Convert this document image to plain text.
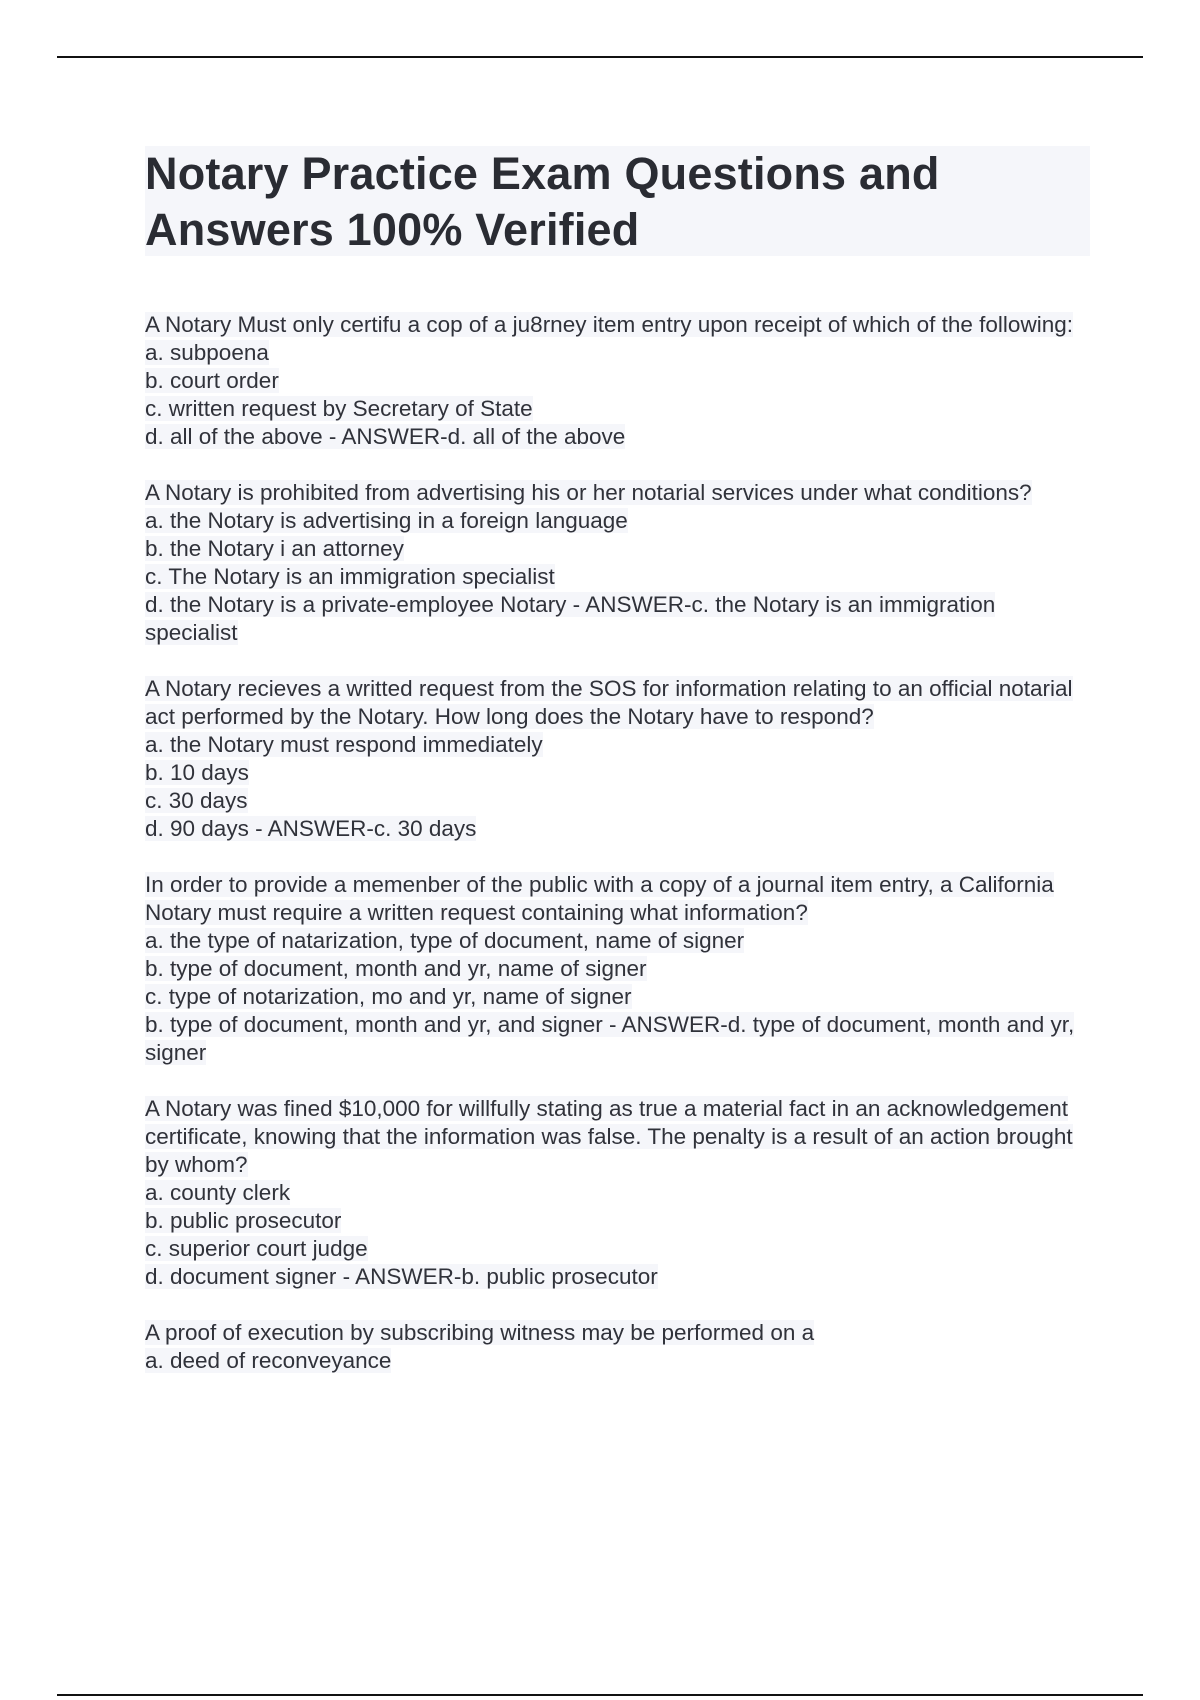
Notary Practice Exam Questions and Answers 100% Verified
A Notary Must only certifu a cop of a ju8rney item entry upon receipt of which of the following:
a. subpoena
b. court order
c. written request by Secretary of State
d. all of the above - ANSWER-d. all of the above
A Notary is prohibited from advertising his or her notarial services under what conditions?
a. the Notary is advertising in a foreign language
b. the Notary i an attorney
c. The Notary is an immigration specialist
d. the Notary is a private-employee Notary - ANSWER-c. the Notary is an immigration specialist
A Notary recieves a writted request from the SOS for information relating to an official notarial act performed by the Notary. How long does the Notary have to respond?
a. the Notary must respond immediately
b. 10 days
c. 30 days
d. 90 days - ANSWER-c. 30 days
In order to provide a memenber of the public with a copy of a journal item entry, a California Notary must require a written request containing what information?
a. the type of natarization, type of document, name of signer
b. type of document, month and yr, name of signer
c. type of notarization, mo and yr, name of signer
b. type of document, month and yr, and signer - ANSWER-d. type of document, month and yr, signer
A Notary was fined $10,000 for willfully stating as true a material fact in an acknowledgement certificate, knowing that the information was false. The penalty is a result of an action brought by whom?
a. county clerk
b. public prosecutor
c. superior court judge
d. document signer - ANSWER-b. public prosecutor
A proof of execution by subscribing witness may be performed on a
a. deed of reconveyance
